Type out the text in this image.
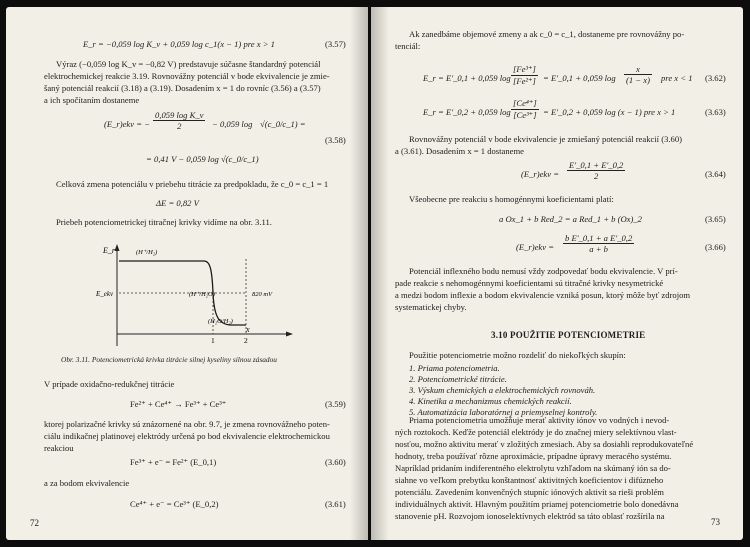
E_r = −0,059 log K_v + 0,059 log c_1(x − 1) pre x > 1	(3.57)
Výraz (−0,059 log K_v = −0,82 V) predstavuje súčasne štandardný potenciál
elektrochemickej reakcie 3.19. Rovnovážny potenciál v bode ekvivalencie je zmie-
šaný potenciál reakcií (3.18) a (3.19). Dosadením x = 1 do rovníc (3.56) a (3.57)
a ich spočítaním dostaneme
(E_r)ekv = − $\frac{\text{0,059 log K\_v}}{2} - 0,059$ log √(c_0/c_1) =
(3.58)
= 0,41 V − 0,059 log √(c_0/c_1)
Celková zmena potenciálu v priebehu titrácie za predpokladu, že c_0 = c_1 = 1
ΔE = 0,82 V
Priebeh potenciometrickej titračnej krivky vidíme na obr. 3.11.
E_r
x
E_ekv
(H⁺/H₂)
(H⁺/H₂O)
(H₂O/H₂)
820 mV
1	2
Obr. 3.11. Potenciometrická krivka titrácie silnej kyseliny silnou zásadou
V prípade oxidačno-redukčnej titrácie
Fe²⁺ + Ce⁴⁺ → Fe³⁺ + Ce³⁺	(3.59)
ktorej polarizačné krivky sú znázornené na obr. 9.7, je zmena rovnovážneho poten-
ciálu indikačnej platinovej elektródy určená po bod ekvivalencie elektrochemickou
reakciou
Fe³⁺ + e⁻ = Fe²⁺ (E_0,1)	(3.60)
a za bodom ekvivalencie
Ce⁴⁺ + e⁻ = Ce³⁺ (E_0,2)	(3.61)
72
Ak zanedbáme objemové zmeny a ak c_0 = c_1, dostaneme pre rovnovážny po-
tenciál:
E_r = E'_0,1 + 0,059 $\log \frac{\text{[Fe³⁺]}}{\text{[Fe²⁺]}}$ = E'_0,1 + 0,059 $\log \frac{x}{(1 - x)}$ pre x < 1 (3.62)
E_r = E'_0,2 + 0,059 $\log \frac{\text{[Ce⁴⁺]}}{\text{[Ce³⁺]}}$ = E'_0,2 + 0,059 log (x − 1) pre x > 1	(3.63)
Rovnovážny potenciál v bode ekvivalencie je zmiešaný potenciál reakcií (3.60)
a (3.61). Dosadením x = 1 dostaneme
(E_r)ekv = $\frac{E'\_0,1 + E'\_0,2}{2}$	(3.64)
Všeobecne pre reakciu s homogénnymi koeficientami platí:
a Ox_1 + b Red_2 = a Red_1 + b (Ox)_2	(3.65)
(E_r)ekv = $\frac{\text{b E'\_0,1 + a E'\_0,2}}{a + b}$	(3.66)
Potenciál inflexného bodu nemusí vždy zodpovedať bodu ekvivalencie. V prí-
pade reakcie s nehomogénnymi koeficientami sú titračné krivky nesymetrické
a medzi bodom inflexie a bodom ekvivalencie vzniká posun, ktorý môže byť zdrojom
systematickej chyby.
3.10 POUŽITIE POTENCIOMETRIE
Použitie potenciometrie možno rozdeliť do niekoľkých skupín:
1. Priama potenciometria.
2. Potenciometrické titrácie.
3. Výskum chemických a elektrochemických rovnováh.
4. Kinetika a mechanizmus chemických reakcií.
5. Automatizácia laboratórnej a priemyselnej kontroly.
Priama potenciometria umožňuje merať aktivity iónov vo vodných i nevod-
ných roztokoch. Keďže potenciál elektródy je do značnej miery selektívnou vlast-
nosťou, možno aktivitu merať v zložitých zmesiach. Aby sa dosiahli reprodukovateľné
hodnoty, treba používať rôzne aproximácie, prípadne úpravy meracého systému.
Napríklad pridaním indiferentného elektrolytu vzhľadom na skúmaný ión sa do-
siahne vo veľkom prebytku konštantnosť aktivitných koeficientov i difúzneho
potenciálu. Zavedením konvenčných stupníc iónových aktivít sa rieši problém
individuálnych aktivít. Hlavným použitím priamej potenciometrie bolo donedávna
stanovenie pH. Rozvojom ionoselektívnych elektród sa táto oblasť rozšírila na
73
